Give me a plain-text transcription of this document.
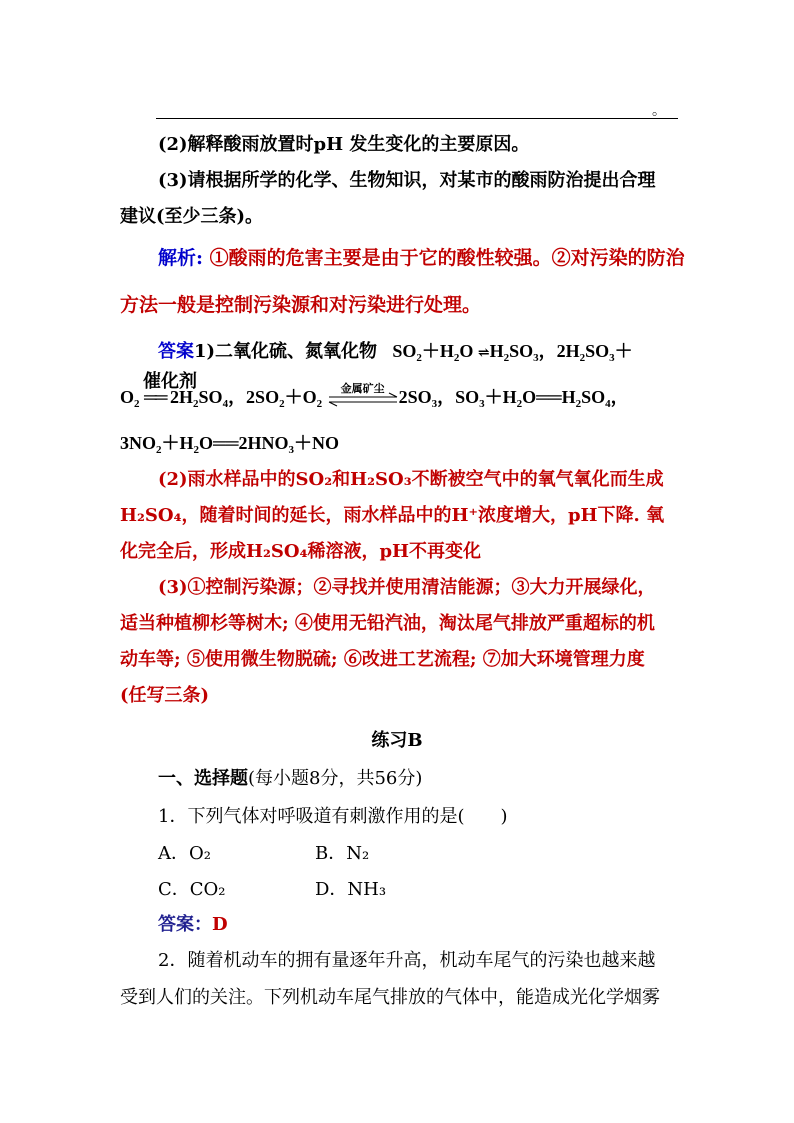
。
(2)解释酸雨放置时pH 发生变化的主要原因。
(3)请根据所学的化学、生物知识，对某市的酸雨防治提出合理
建议(至少三条)。
解析: ①酸雨的危害主要是由于它的酸性较强。②对污染的防治
方法一般是控制污染源和对污染进行处理。
答案1)二氧化硫、氮氧化物   $SO_2+H_2O$ $\rightleftharpoons H_2SO_3$，$2H_2SO_3+$
催化剂
$O_2$ ══ $2H_2SO_4$，$2SO_2+O_2$
金属矿尘 $2SO_3$，$SO_3+H_2O══H_2SO_4$，
$3NO_2+H_2O══2HNO_3+NO$
(2)雨水样品中的SO₂和H₂SO₃不断被空气中的氧气氧化而生成
H₂SO₄，随着时间的延长，雨水样品中的H⁺浓度增大，pH下降. 氧
化完全后，形成H₂SO₄稀溶液，pH不再变化
(3)①控制污染源；②寻找并使用清洁能源；③大力开展绿化，
适当种植柳杉等树木; ④使用无铅汽油，淘汰尾气排放严重超标的机
动车等; ⑤使用微生物脱硫; ⑥改进工艺流程; ⑦加大环境管理力度
(任写三条)
练习B
一、选择题(每小题8分，共56分)
1．下列气体对呼吸道有刺激作用的是(　　)
A．O₂	B．N₂
C．CO₂	D．NH₃
答案：D
2．随着机动车的拥有量逐年升高，机动车尾气的污染也越来越
受到人们的关注。下列机动车尾气排放的气体中，能造成光化学烟雾
